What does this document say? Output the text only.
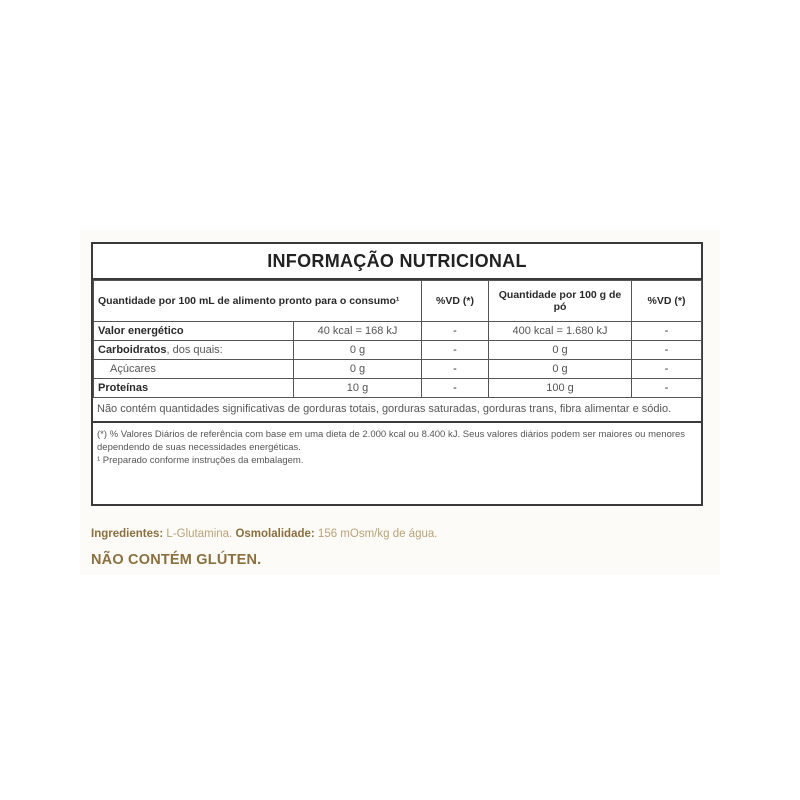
INFORMAÇÃO NUTRICIONAL
Quantidade por 100 mL de alimento pronto para o consumo¹		%VD (*)	Quantidade por 100 g de pó	%VD (*)
Valor energético	40 kcal = 168 kJ	-	400 kcal = 1.680 kJ	-
Carboidratos, dos quais:	0 g	-	0 g	-
Açúcares	0 g	-	0 g	-
Proteínas	10 g	-	100 g	-
Não contém quantidades significativas de gorduras totais, gorduras saturadas, gorduras trans, fibra alimentar e sódio.
(*) % Valores Diários de referência com base em uma dieta de 2.000 kcal ou 8.400 kJ. Seus valores diários podem ser maiores ou menores dependendo de suas necessidades energéticas.
¹ Preparado conforme instruções da embalagem.
Ingredientes: L-Glutamina. Osmolalidade: 156 mOsm/kg de água.
NÃO CONTÉM GLÚTEN.
